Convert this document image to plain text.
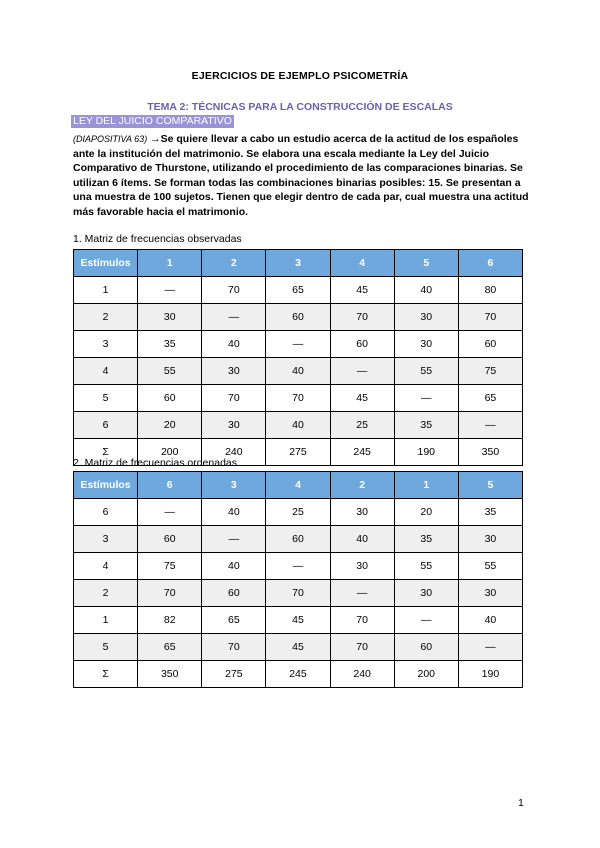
EJERCICIOS DE EJEMPLO PSICOMETRÍA
TEMA 2: TÉCNICAS PARA LA CONSTRUCCIÓN DE ESCALAS
LEY DEL JUICIO COMPARATIVO
(DIAPOSITIVA 63) →Se quiere llevar a cabo un estudio acerca de la actitud de los españoles ante la institución del matrimonio. Se elabora una escala mediante la Ley del Juicio Comparativo de Thurstone, utilizando el procedimiento de las comparaciones binarias. Se utilizan 6 ítems. Se forman todas las combinaciones binarias posibles: 15. Se presentan a una muestra de 100 sujetos. Tienen que elegir dentro de cada par, cual muestra una actitud más favorable hacia el matrimonio.
1. Matriz de frecuencias observadas
Estímulos	1	2	3	4	5	6
1	—	70	65	45	40	80
2	30	—	60	70	30	70
3	35	40	—	60	30	60
4	55	30	40	—	55	75
5	60	70	70	45	—	65
6	20	30	40	25	35	—
Σ	200	240	275	245	190	350
2. Matriz de frecuencias ordenadas
Estímulos	6	3	4	2	1	5
6	—	40	25	30	20	35
3	60	—	60	40	35	30
4	75	40	—	30	55	55
2	70	60	70	—	30	30
1	82	65	45	70	—	40
5	65	70	45	70	60	—
Σ	350	275	245	240	200	190
1
